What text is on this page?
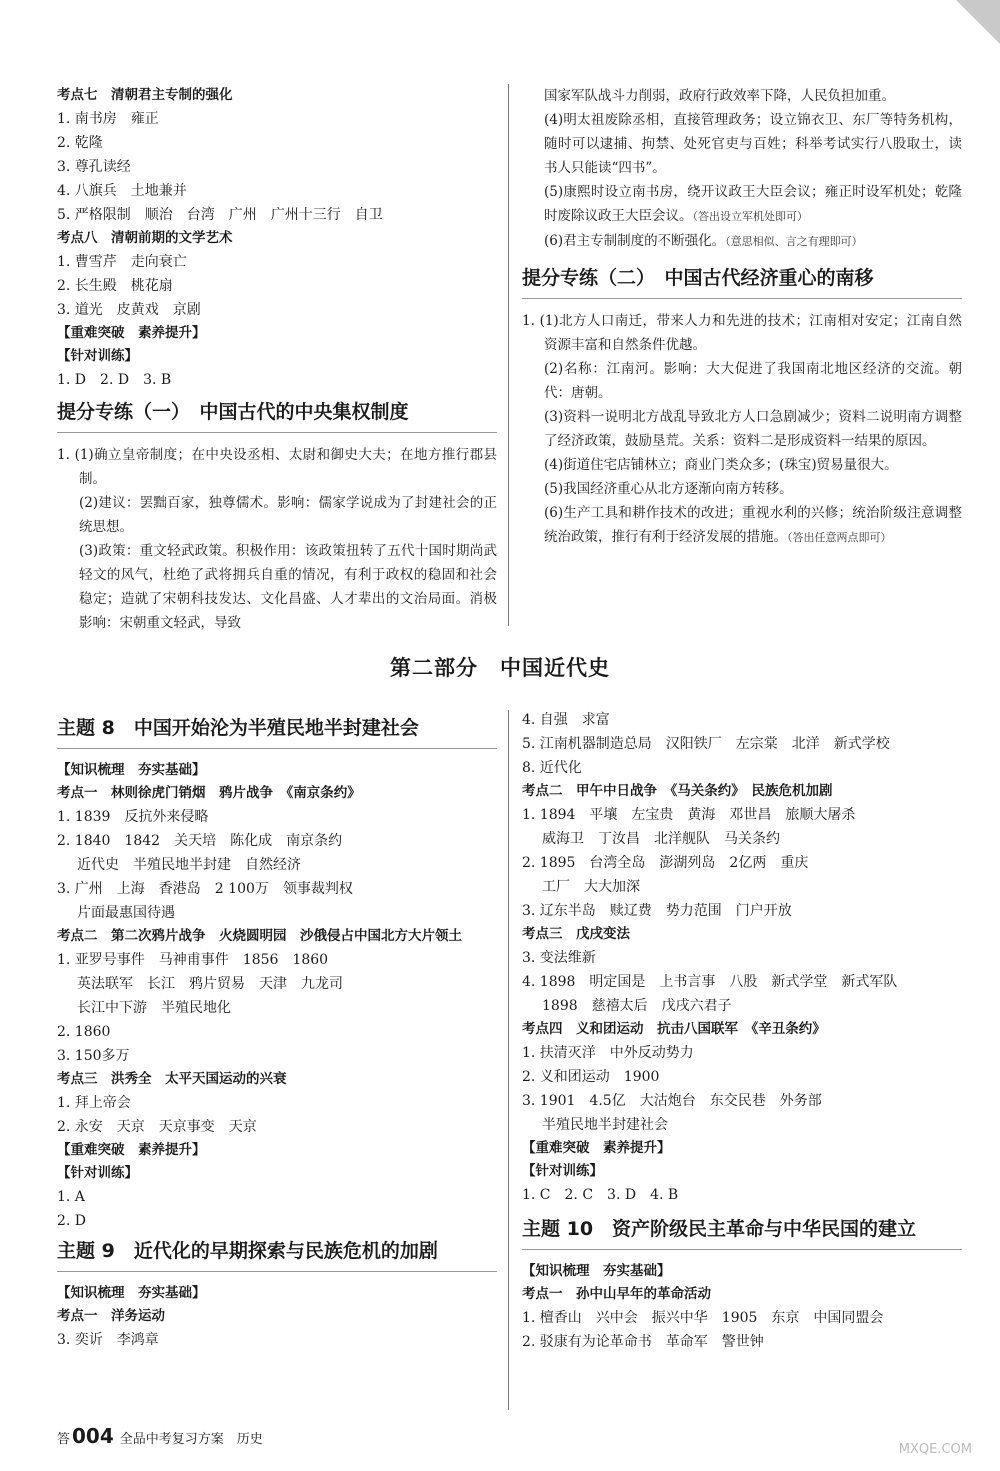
考点七　清朝君主专制的强化
1. 南书房　雍正
2. 乾隆
3. 尊孔读经
4. 八旗兵　土地兼并
5. 严格限制　顺治　台湾　广州　广州十三行　自卫
考点八　清朝前期的文学艺术
1. 曹雪芹　走向衰亡
2. 长生殿　桃花扇
3. 道光　皮黄戏　京剧
【重难突破　素养提升】
【针对训练】
1. D　2. D　3. B
提分专练（一）　中国古代的中央集权制度
1. (1)确立皇帝制度；在中央设丞相、太尉和御史大夫；在地方推行郡县制。
(2)建议：罢黜百家，独尊儒术。影响：儒家学说成为了封建社会的正统思想。
(3)政策：重文轻武政策。积极作用：该政策扭转了五代十国时期尚武轻文的风气，杜绝了武将拥兵自重的情况，有利于政权的稳固和社会稳定；造就了宋朝科技发达、文化昌盛、人才辈出的文治局面。消极影响：宋朝重文轻武，导致
国家军队战斗力削弱，政府行政效率下降，人民负担加重。
(4)明太祖废除丞相，直接管理政务；设立锦衣卫、东厂等特务机构，随时可以逮捕、拘禁、处死官吏与百姓；科举考试实行八股取士，读书人只能读“四书”。
(5)康熙时设立南书房，绕开议政王大臣会议；雍正时设军机处；乾隆时废除议政王大臣会议。（答出设立军机处即可）
(6)君主专制制度的不断强化。（意思相似、言之有理即可）
提分专练（二）　中国古代经济重心的南移
1. (1)北方人口南迁，带来人力和先进的技术；江南相对安定；江南自然资源丰富和自然条件优越。
(2)名称：江南河。影响：大大促进了我国南北地区经济的交流。朝代：唐朝。
(3)资料一说明北方战乱导致北方人口急剧减少；资料二说明南方调整了经济政策，鼓励垦荒。关系：资料二是形成资料一结果的原因。
(4)街道住宅店铺林立；商业门类众多；(珠宝)贸易量很大。
(5)我国经济重心从北方逐渐向南方转移。
(6)生产工具和耕作技术的改进；重视水利的兴修；统治阶级注意调整统治政策，推行有利于经济发展的措施。（答出任意两点即可）
第二部分　中国近代史
主题 8　中国开始沦为半殖民地半封建社会
【知识梳理　夯实基础】
考点一　林则徐虎门销烟　鸦片战争　《南京条约》
1. 1839　反抗外来侵略
2. 1840　1842　关天培　陈化成　南京条约
近代史　半殖民地半封建　自然经济
3. 广州　上海　香港岛　2 100万　领事裁判权
片面最惠国待遇
考点二　第二次鸦片战争　火烧圆明园　沙俄侵占中国北方大片领土
1. 亚罗号事件　马神甫事件　1856　1860
英法联军　长江　鸦片贸易　天津　九龙司
长江中下游　半殖民地化
2. 1860
3. 150多万
考点三　洪秀全　太平天国运动的兴衰
1. 拜上帝会
2. 永安　天京　天京事变　天京
【重难突破　素养提升】
【针对训练】
1. A
2. D
主题 9　近代化的早期探索与民族危机的加剧
【知识梳理　夯实基础】
考点一　洋务运动
3. 奕䜣　李鸿章
4. 自强　求富
5. 江南机器制造总局　汉阳铁厂　左宗棠　北洋　新式学校
8. 近代化
考点二　甲午中日战争　《马关条约》　民族危机加剧
1. 1894　平壤　左宝贵　黄海　邓世昌　旅顺大屠杀
威海卫　丁汝昌　北洋舰队　马关条约
2. 1895　台湾全岛　澎湖列岛　2亿两　重庆
工厂　大大加深
3. 辽东半岛　赎辽费　势力范围　门户开放
考点三　戊戌变法
3. 变法维新
4. 1898　明定国是　上书言事　八股　新式学堂　新式军队
1898　慈禧太后　戊戌六君子
考点四　义和团运动　抗击八国联军　《辛丑条约》
1. 扶清灭洋　中外反动势力
2. 义和团运动　1900
3. 1901　4.5亿　大沽炮台　东交民巷　外务部
半殖民地半封建社会
【重难突破　素养提升】
【针对训练】
1. C　2. C　3. D　4. B
主题 10　资产阶级民主革命与中华民国的建立
【知识梳理　夯实基础】
考点一　孙中山早年的革命活动
1. 檀香山　兴中会　振兴中华　1905　东京　中国同盟会
2. 驳康有为论革命书　革命军　警世钟
答 004 全品中考复习方案　历史
MXQE.COM
